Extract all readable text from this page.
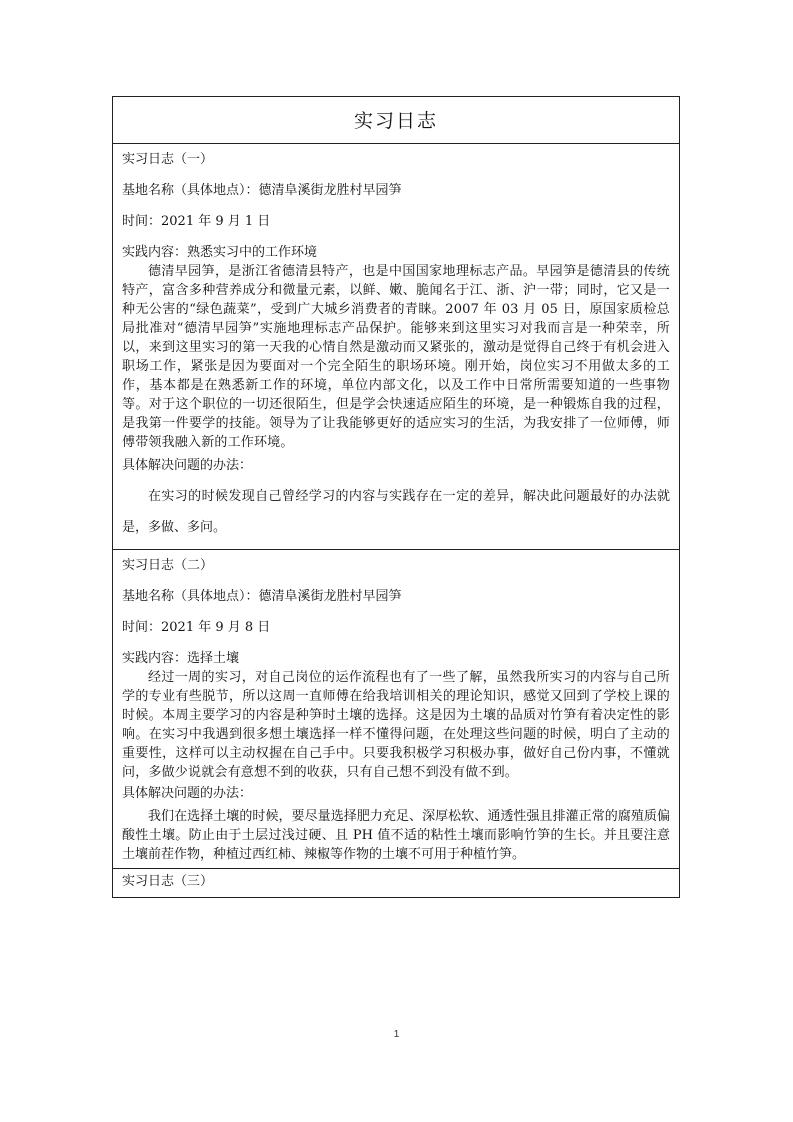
实习日志

实习日志（一）
基地名称（具体地点）：德清阜溪街龙胜村早园笋
时间：2021 年 9 月 1 日
实践内容：熟悉实习中的工作环境

德清早园笋，是浙江省德清县特产，也是中国国家地理标志产品。早园笋是德清县的传统特产，富含多种营养成分和微量元素，以鲜、嫩、脆闻名于江、浙、沪一带；同时，它又是一种无公害的“绿色蔬菜”，受到广大城乡消费者的青睐。2007 年 03 月 05 日，原国家质检总局批准对“德清早园笋”实施地理标志产品保护。能够来到这里实习对我而言是一种荣幸，所以，来到这里实习的第一天我的心情自然是激动而又紧张的，激动是觉得自己终于有机会进入职场工作，紧张是因为要面对一个完全陌生的职场环境。刚开始，岗位实习不用做太多的工作，基本都是在熟悉新工作的环境，单位内部文化，以及工作中日常所需要知道的一些事物等。对于这个职位的一切还很陌生，但是学会快速适应陌生的环境，是一种锻炼自我的过程，是我第一件要学的技能。领导为了让我能够更好的适应实习的生活，为我安排了一位师傅，师傅带领我融入新的工作环境。

具体解决问题的办法：

在实习的时候发现自己曾经学习的内容与实践存在一定的差异，解决此问题最好的办法就是，多做、多问。

实习日志（二）
基地名称（具体地点）：德清阜溪街龙胜村早园笋
时间：2021 年 9 月 8 日
实践内容：选择土壤

经过一周的实习，对自己岗位的运作流程也有了一些了解，虽然我所实习的内容与自己所学的专业有些脱节，所以这周一直师傅在给我培训相关的理论知识，感觉又回到了学校上课的时候。本周主要学习的内容是种笋时土壤的选择。这是因为土壤的品质对竹笋有着决定性的影响。在实习中我遇到很多想土壤选择一样不懂得问题，在处理这些问题的时候，明白了主动的重要性，这样可以主动权握在自己手中。只要我积极学习积极办事，做好自己份内事，不懂就问，多做少说就会有意想不到的收获，只有自己想不到没有做不到。

具体解决问题的办法：

我们在选择土壤的时候，要尽量选择肥力充足、深厚松软、通透性强且排灌正常的腐殖质偏酸性土壤。防止由于土层过浅过硬、且 PH 值不适的粘性土壤而影响竹笋的生长。并且要注意土壤前茬作物，种植过西红柿、辣椒等作物的土壤不可用于种植竹笋。

实习日志（三）
1
